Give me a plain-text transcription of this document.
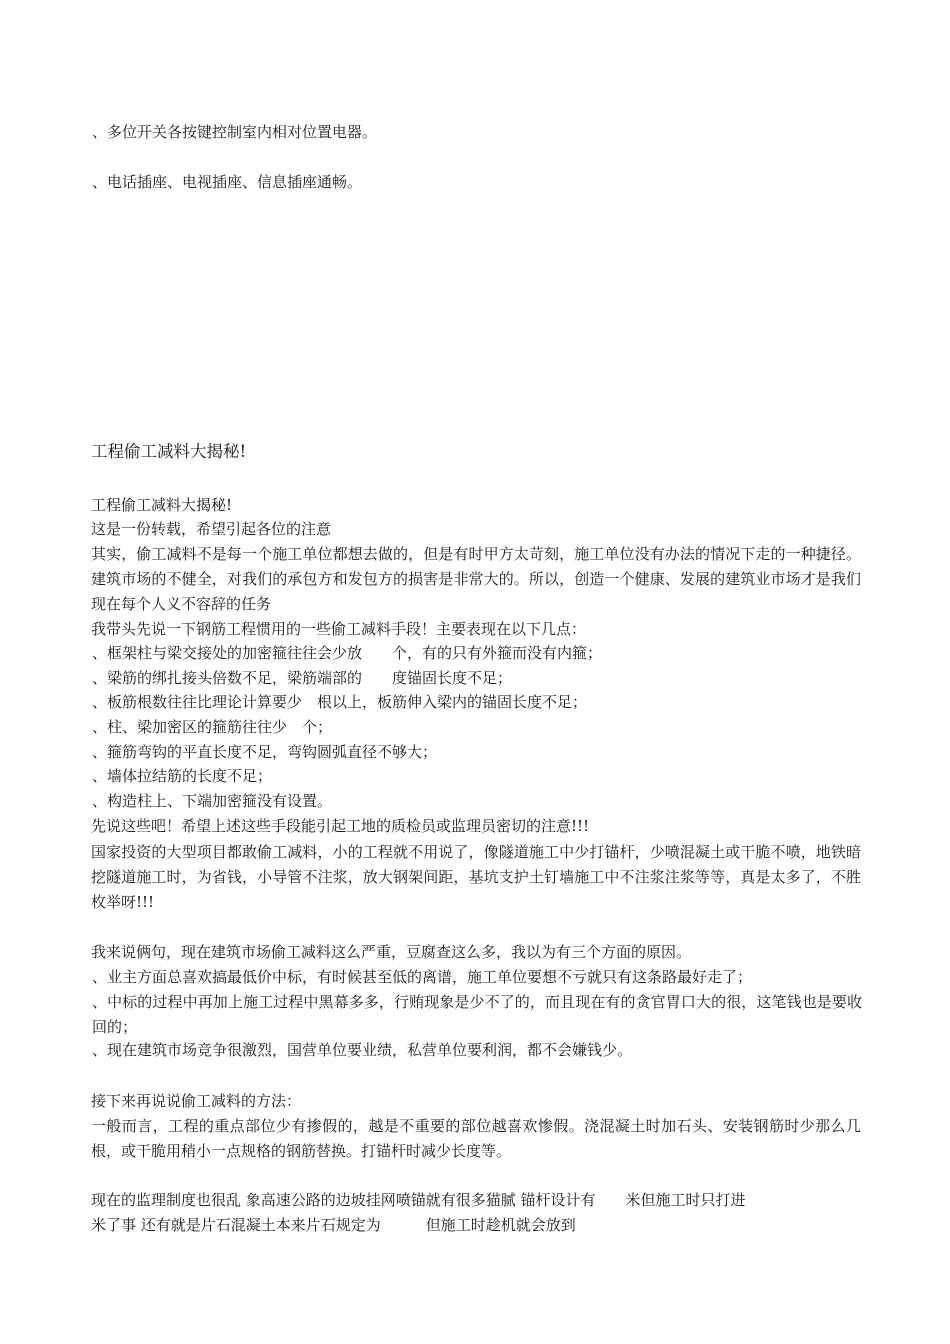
、多位开关各按键控制室内相对位置电器。
、电话插座、电视插座、信息插座通畅。
工程偷工减料大揭秘!
工程偷工减料大揭秘!
这是一份转载，希望引起各位的注意
其实，偷工减料不是每一个施工单位都想去做的，但是有时甲方太苛刻，施工单位没有办法的情况下走的一种捷径。建筑市场的不健全，对我们的承包方和发包方的损害是非常大的。所以，创造一个健康、发展的建筑业市场才是我们现在每个人义不容辞的任务
我带头先说一下钢筋工程惯用的一些偷工减料手段！主要表现在以下几点：
、框架柱与梁交接处的加密箍往往会少放　　个，有的只有外箍而没有内箍；
、梁筋的绑扎接头倍数不足，梁筋端部的　　度锚固长度不足；
、板筋根数往往比理论计算要少　根以上，板筋伸入梁内的锚固长度不足；
、柱、梁加密区的箍筋往往少　个；
、箍筋弯钩的平直长度不足，弯钩圆弧直径不够大；
、墙体拉结筋的长度不足；
、构造柱上、下端加密箍没有设置。
先说这些吧！希望上述这些手段能引起工地的质检员或监理员密切的注意!!!
国家投资的大型项目都敢偷工减料，小的工程就不用说了，像隧道施工中少打锚杆，少喷混凝土或干脆不喷，地铁暗挖隧道施工时，为省钱，小导管不注浆，放大钢架间距，基坑支护土钉墙施工中不注浆注浆等等，真是太多了，不胜枚举呀!!!
我来说俩句，现在建筑市场偷工减料这么严重，豆腐查这么多，我以为有三个方面的原因。
、业主方面总喜欢搞最低价中标，有时候甚至低的离谱，施工单位要想不亏就只有这条路最好走了；
、中标的过程中再加上施工过程中黑幕多多，行贿现象是少不了的，而且现在有的贪官胃口大的很，这笔钱也是要收回的；
、现在建筑市场竞争很激烈，国营单位要业绩，私营单位要利润，都不会嫌钱少。
接下来再说说偷工减料的方法：
一般而言，工程的重点部位少有掺假的，越是不重要的部位越喜欢惨假。浇混凝土时加石头、安装钢筋时少那么几根，或干脆用稍小一点规格的钢筋替换。打锚杆时减少长度等。
现在的监理制度也很乱 象高速公路的边坡挂网喷锚就有很多猫腻 锚杆设计有　　米但施工时只打进
米了事 还有就是片石混凝土本来片石规定为　　　但施工时趁机就会放到
